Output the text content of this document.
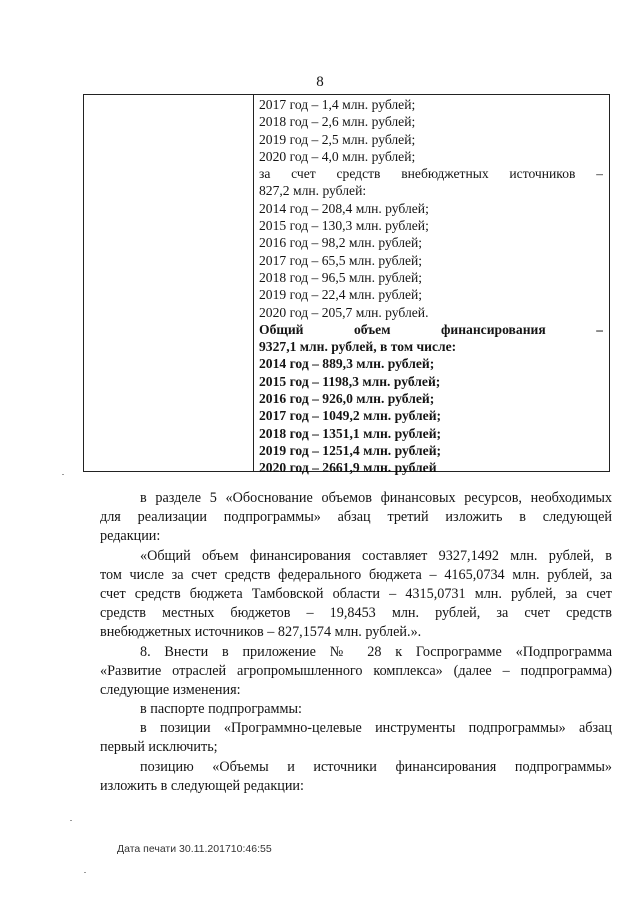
8
2017 год – 1,4 млн. рублей;
2018 год – 2,6 млн. рублей;
2019 год – 2,5 млн. рублей;
2020 год – 4,0 млн. рублей;
за счет средств внебюджетных источников –
827,2 млн. рублей:
2014 год – 208,4 млн. рублей;
2015 год – 130,3 млн. рублей;
2016 год – 98,2 млн. рублей;
2017 год – 65,5 млн. рублей;
2018 год – 96,5 млн. рублей;
2019 год – 22,4 млн. рублей;
2020 год – 205,7 млн. рублей.
Общий объем финансирования –
9327,1 млн. рублей, в том числе:
2014 год – 889,3 млн. рублей;
2015 год – 1198,3 млн. рублей;
2016 год – 926,0 млн. рублей;
2017 год – 1049,2 млн. рублей;
2018 год – 1351,1 млн. рублей;
2019 год – 1251,4 млн. рублей;
2020 год – 2661,9 млн. рублей
в разделе 5 «Обоснование объемов финансовых ресурсов, необходимых
для реализации подпрограммы» абзац третий изложить в следующей
редакции:
«Общий объем финансирования составляет 9327,1492 млн. рублей, в
том числе за счет средств федерального бюджета – 4165,0734 млн. рублей, за
счет средств бюджета Тамбовской области – 4315,0731 млн. рублей, за счет
средств местных бюджетов – 19,8453 млн. рублей, за счет средств
внебюджетных источников – 827,1574 млн. рублей.».
8. Внести в приложение № 28 к Госпрограмме «Подпрограмма
«Развитие отраслей агропромышленного комплекса» (далее – подпрограмма)
следующие изменения:
в паспорте подпрограммы:
в позиции «Программно-целевые инструменты подпрограммы» абзац
первый исключить;
позицию «Объемы и источники финансирования подпрограммы»
изложить в следующей редакции:
Дата печати 30.11.201710:46:55
